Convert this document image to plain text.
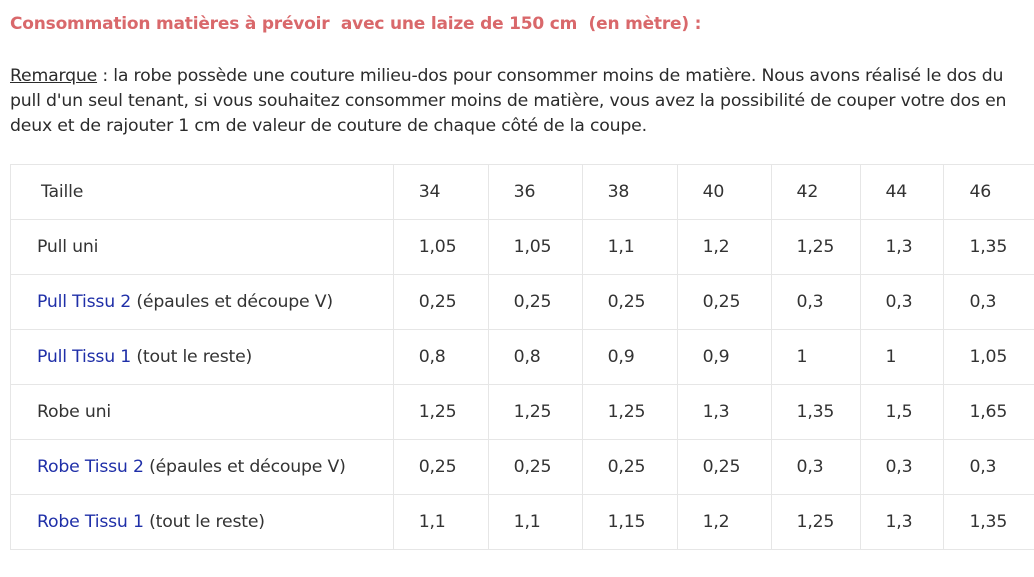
Consommation matières à prévoir  avec une laize de 150 cm  (en mètre) :
Remarque : la robe possède une couture milieu-dos pour consommer moins de matière. Nous avons réalisé le dos du pull d'un seul tenant, si vous souhaitez consommer moins de matière, vous avez la possibilité de couper votre dos en deux et de rajouter 1 cm de valeur de couture de chaque côté de la coupe.
Taille	34	36	38	40	42	44	46
Pull uni	1,05	1,05	1,1	1,2	1,25	1,3	1,35
Pull Tissu 2 (épaules et découpe V)	0,25	0,25	0,25	0,25	0,3	0,3	0,3
Pull Tissu 1 (tout le reste)	0,8	0,8	0,9	0,9	1	1	1,05
Robe uni	1,25	1,25	1,25	1,3	1,35	1,5	1,65
Robe Tissu 2 (épaules et découpe V)	0,25	0,25	0,25	0,25	0,3	0,3	0,3
Robe Tissu 1 (tout le reste)	1,1	1,1	1,15	1,2	1,25	1,3	1,35
